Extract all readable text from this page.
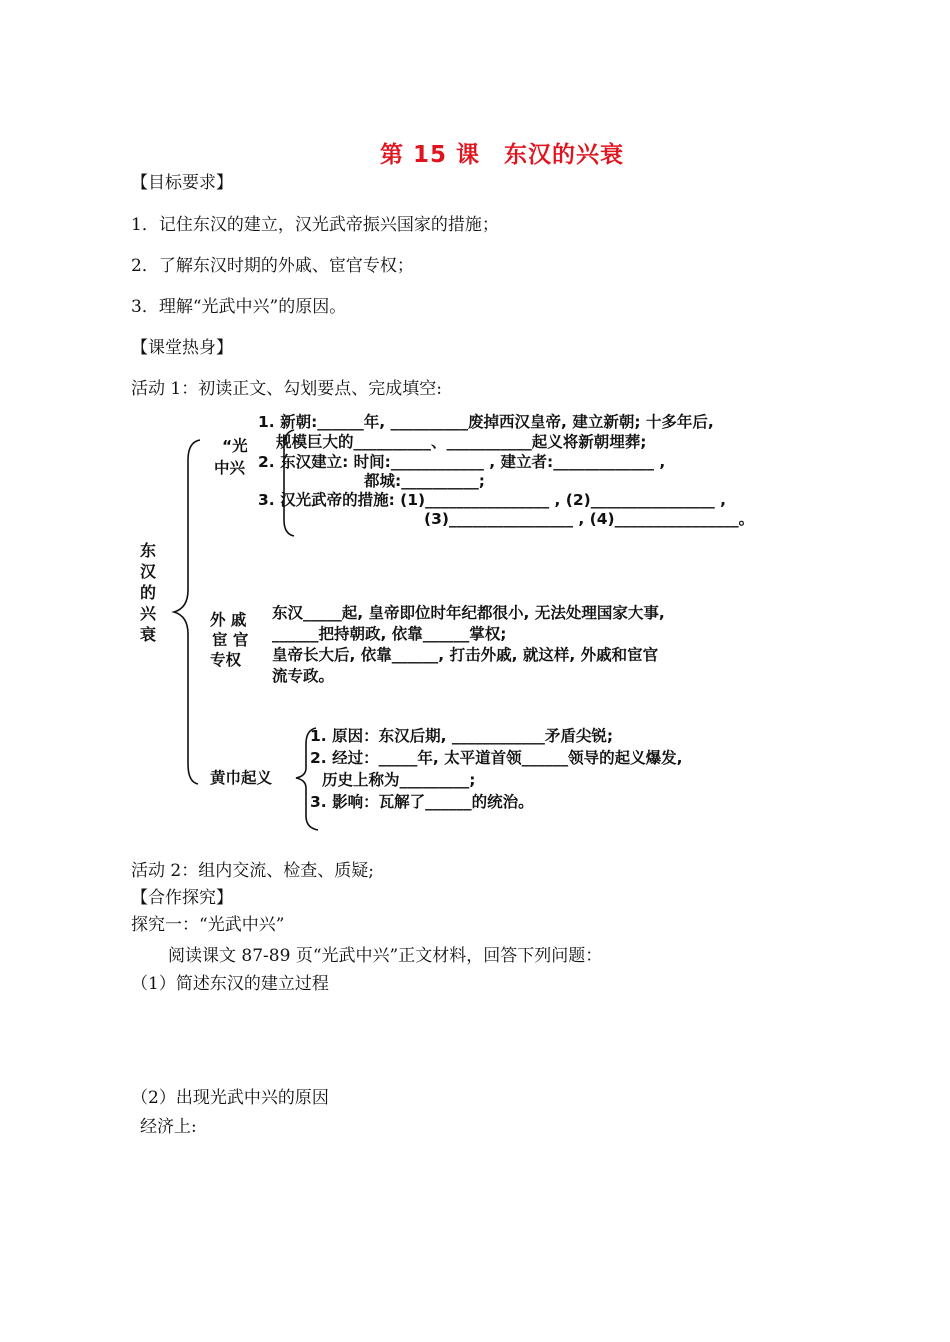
第 15 课　东汉的兴衰
【目标要求】
1．记住东汉的建立，汉光武帝振兴国家的措施；
2．了解东汉时期的外戚、宦官专权；
3．理解“光武中兴”的原因。
【课堂热身】
活动 1：初读正文、勾划要点、完成填空:
东汉的兴衰
“光
中兴
1. 新朝:______年, __________废掉西汉皇帝, 建立新朝; 十多年后,
规模巨大的__________、___________起义将新朝埋葬;
2. 东汉建立: 时间:____________ , 建立者:_____________ ,
都城:__________;
3. 汉光武帝的措施: (1)________________ , (2)________________ ,
(3)________________ , (4)________________。
外 戚
宦 官
专权
东汉_____起, 皇帝即位时年纪都很小, 无法处理国家大事,
______把持朝政, 依靠______掌权;
皇帝长大后, 依靠______, 打击外戚, 就这样, 外戚和宦官
流专政。
黄巾起义
1. 原因：东汉后期, ____________矛盾尖锐;
2. 经过：_____年, 太平道首领______领导的起义爆发,
历史上称为_________;
3. 影响：瓦解了______的统治。
活动 2：组内交流、检查、质疑;
【合作探究】
探究一：“光武中兴”
阅读课文 87-89 页“光武中兴”正文材料，回答下列问题：
（1）简述东汉的建立过程
（2）出现光武中兴的原因
经济上:
